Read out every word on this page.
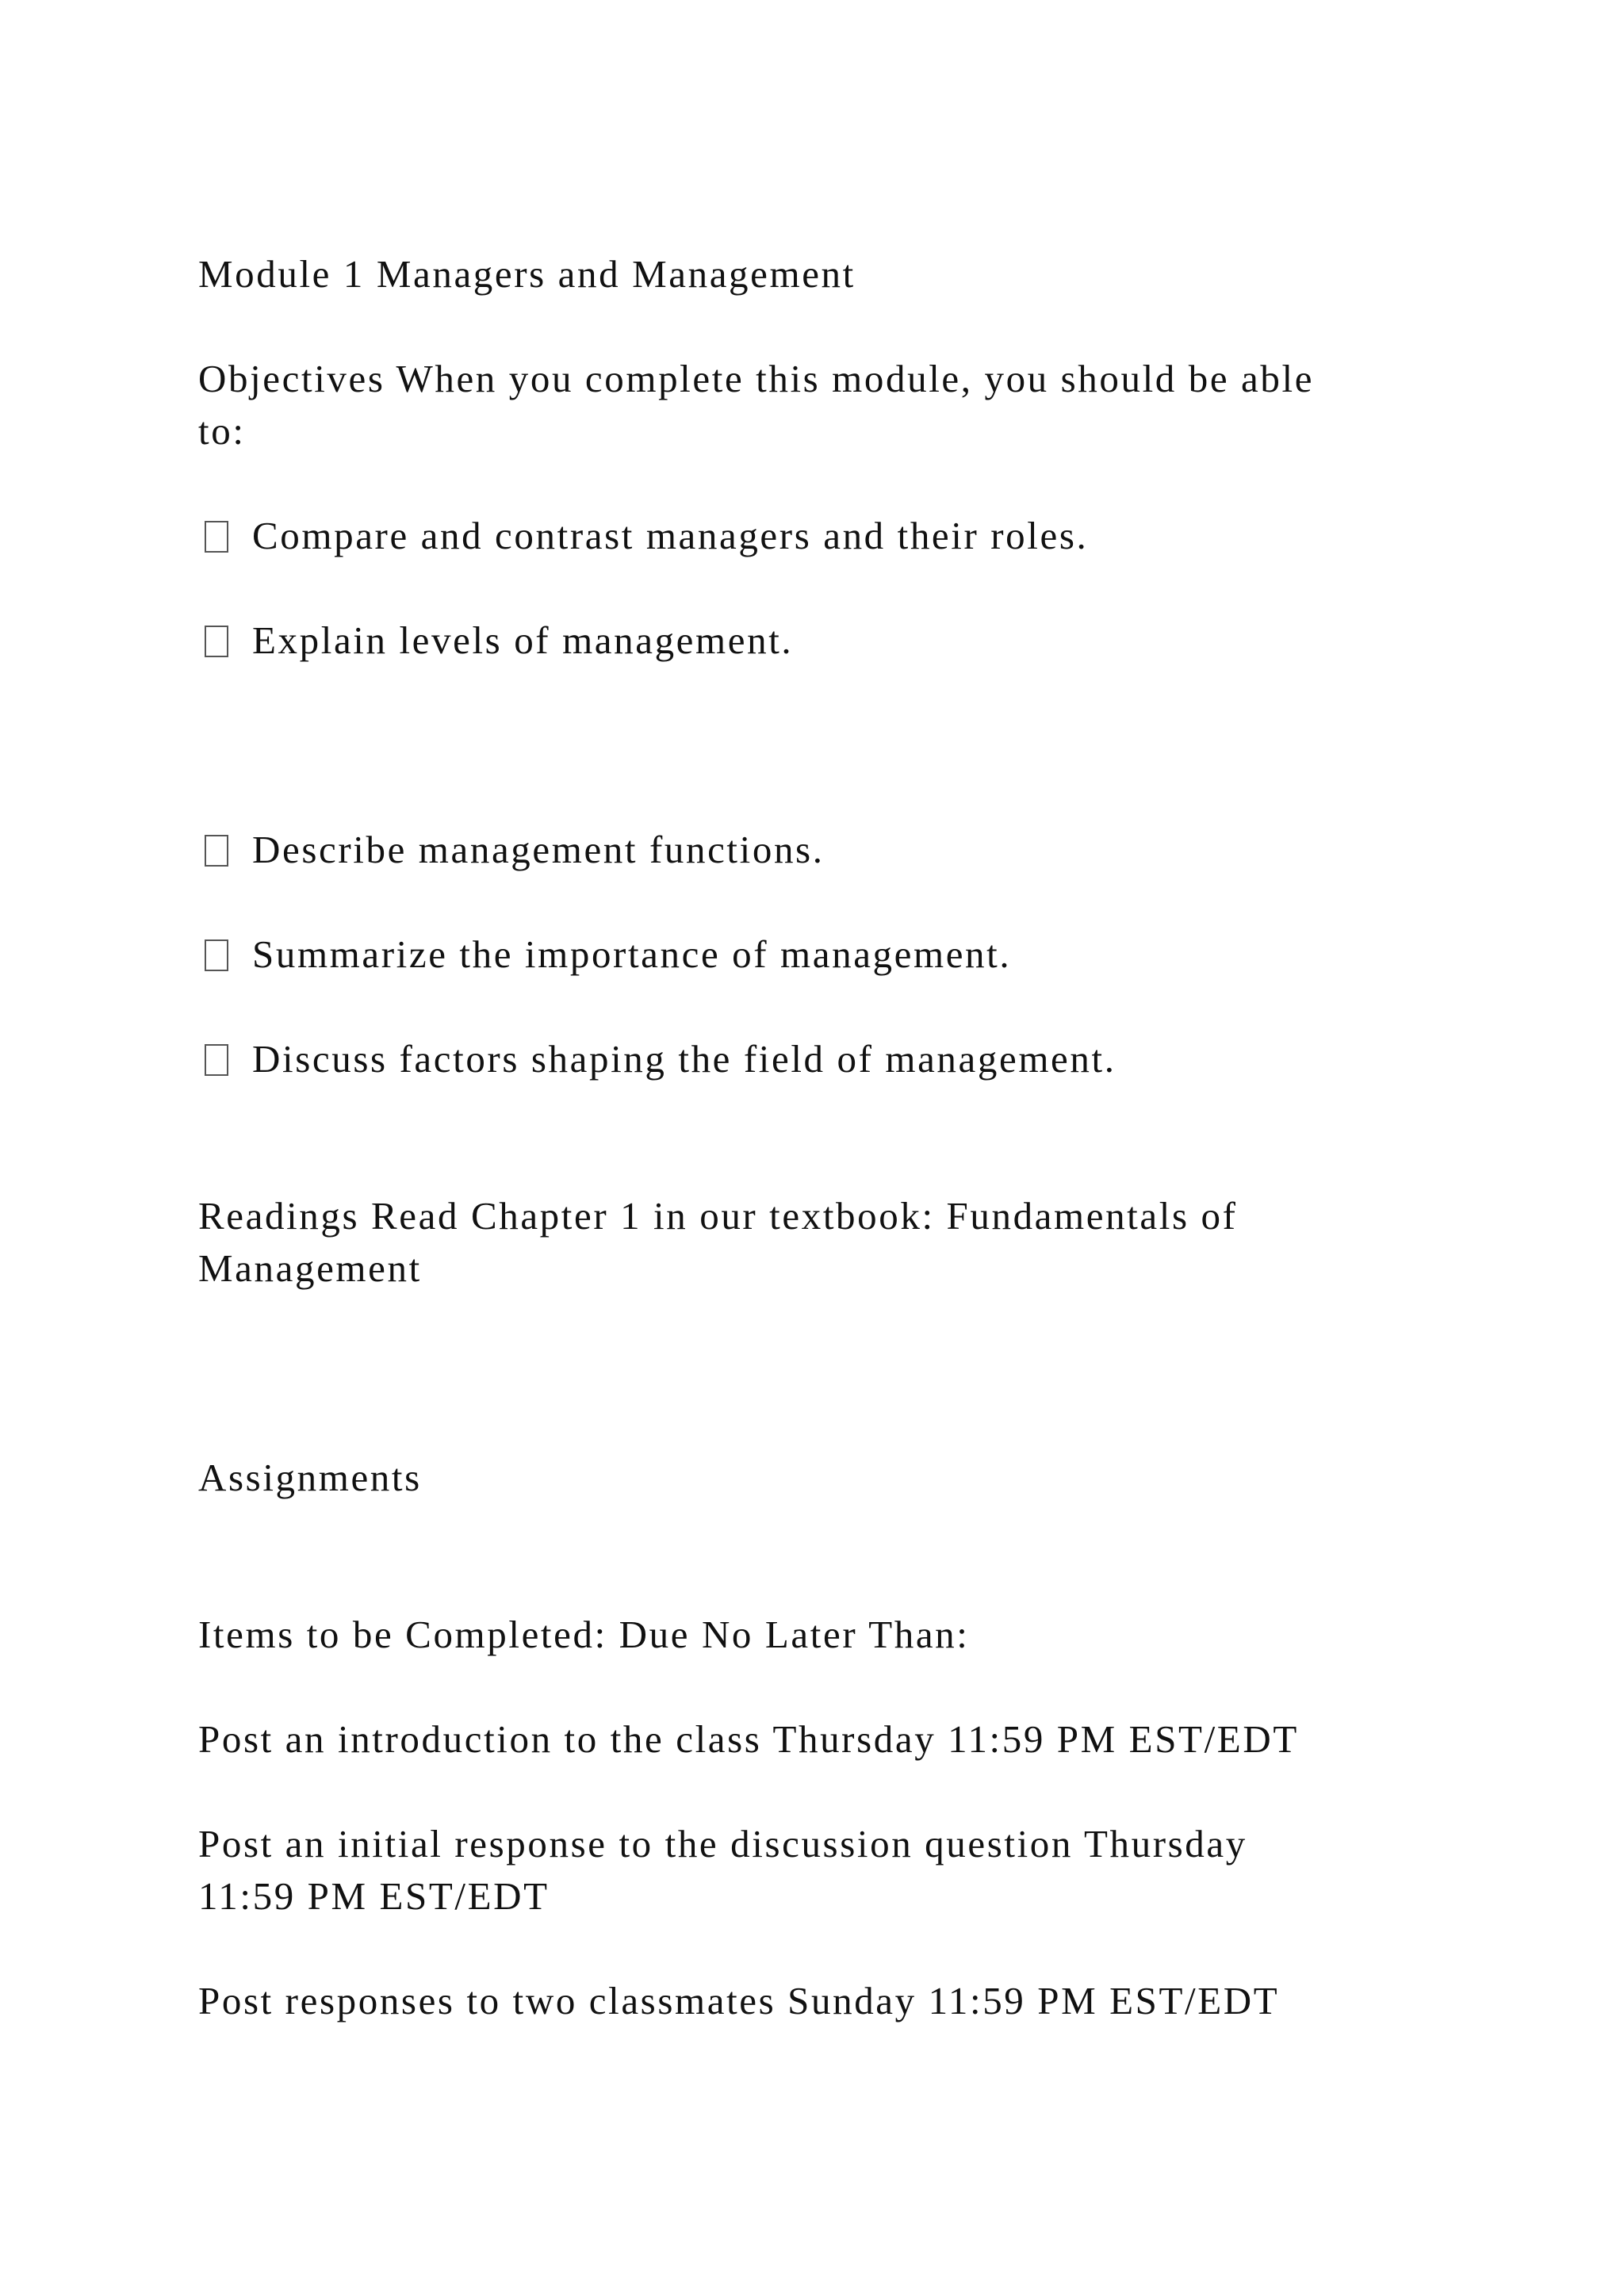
Module 1 Managers and Management

Objectives When you complete this module, you should be able

to:

Compare and contrast managers and their roles.

Explain levels of management.

Describe management functions.

Summarize the importance of management.

Discuss factors shaping the field of management.

Readings Read Chapter 1 in our textbook: Fundamentals of

Management

Assignments

Items to be Completed: Due No Later Than:

Post an introduction to the class Thursday 11:59 PM EST/EDT

Post an initial response to the discussion question Thursday

11:59 PM EST/EDT

Post responses to two classmates Sunday 11:59 PM EST/EDT
